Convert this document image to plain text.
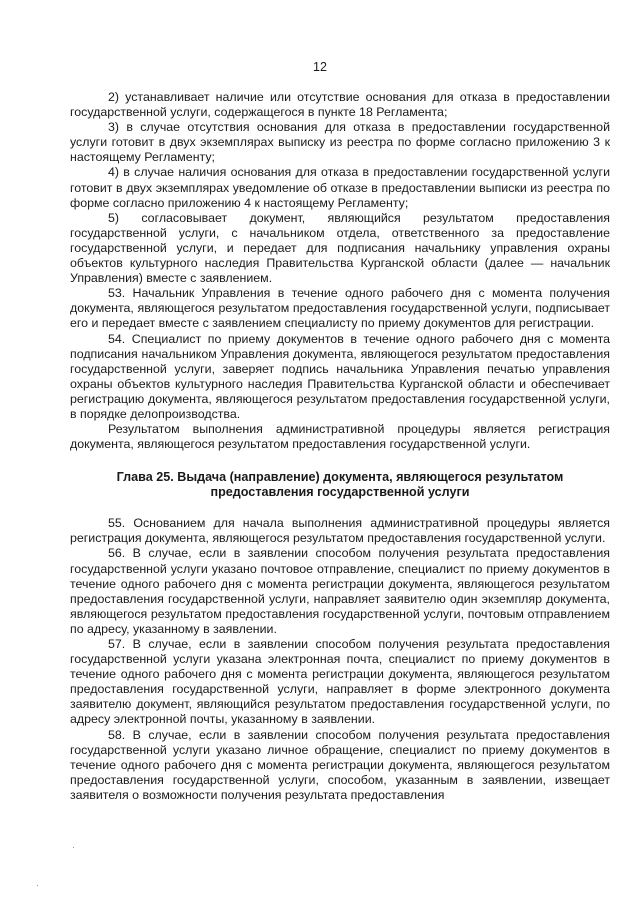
12

2) устанавливает наличие или отсутствие основания для отказа в предоставлении государственной услуги, содержащегося в пункте 18 Регламента;

3) в случае отсутствия основания для отказа в предоставлении государственной услуги готовит в двух экземплярах выписку из реестра по форме согласно приложению 3 к настоящему Регламенту;

4) в случае наличия основания для отказа в предоставлении государственной услуги готовит в двух экземплярах уведомление об отказе в предоставлении выписки из реестра по форме согласно приложению 4 к настоящему Регламенту;

5) согласовывает документ, являющийся результатом предоставления государственной услуги, с начальником отдела, ответственного за предоставление государственной услуги, и передает для подписания начальнику управления охраны объектов культурного наследия Правительства Курганской области (далее — начальник Управления) вместе с заявлением.

53. Начальник Управления в течение одного рабочего дня с момента получения документа, являющегося результатом предоставления государственной услуги, подписывает его и передает вместе с заявлением специалисту по приему документов для регистрации.

54. Специалист по приему документов в течение одного рабочего дня с момента подписания начальником Управления документа, являющегося результатом предоставления государственной услуги, заверяет подпись начальника Управления печатью управления охраны объектов культурного наследия Правительства Курганской области и обеспечивает регистрацию документа, являющегося результатом предоставления государственной услуги, в порядке делопроизводства.

Результатом выполнения административной процедуры является регистрация документа, являющегося результатом предоставления государственной услуги.

Глава 25. Выдача (направление) документа, являющегося результатом
предоставления государственной услуги

55. Основанием для начала выполнения административной процедуры является регистрация документа, являющегося результатом предоставления государственной услуги.

56. В случае, если в заявлении способом получения результата предоставления государственной услуги указано почтовое отправление, специалист по приему документов в течение одного рабочего дня с момента регистрации документа, являющегося результатом предоставления государственной услуги, направляет заявителю один экземпляр документа, являющегося результатом предоставления государственной услуги, почтовым отправлением по адресу, указанному в заявлении.

57. В случае, если в заявлении способом получения результата предоставления государственной услуги указана электронная почта, специалист по приему документов в течение одного рабочего дня с момента регистрации документа, являющегося результатом предоставления государственной услуги, направляет в форме электронного документа заявителю документ, являющийся результатом предоставления государственной услуги, по адресу электронной почты, указанному в заявлении.

58. В случае, если в заявлении способом получения результата предоставления государственной услуги указано личное обращение, специалист по приему документов в течение одного рабочего дня с момента регистрации документа, являющегося результатом предоставления государственной услуги, способом, указанным в заявлении, извещает заявителя о возможности получения результата предоставления

·
·
